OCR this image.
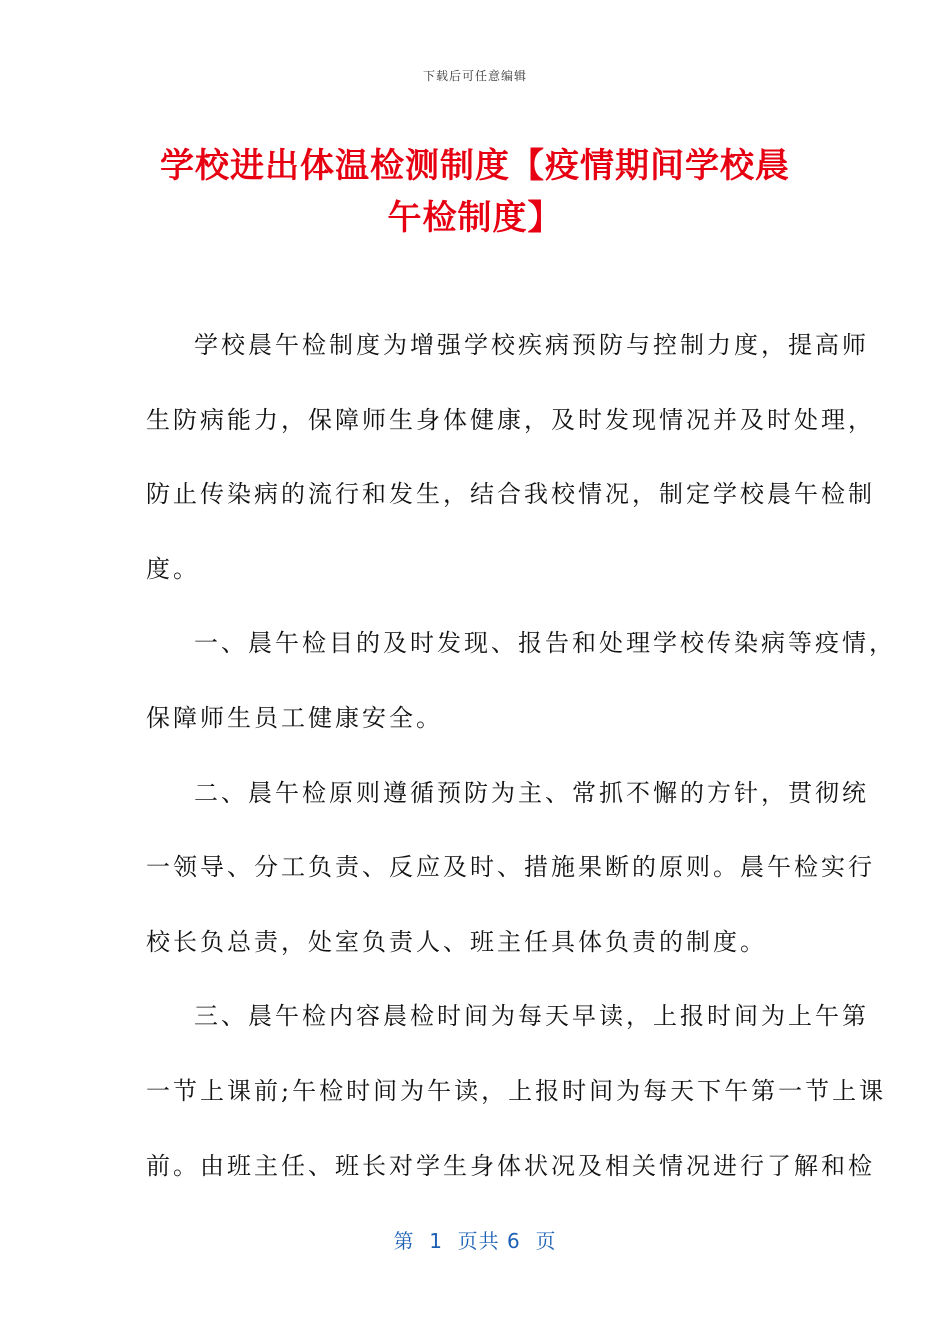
下载后可任意编辑
学校进出体温检测制度【疫情期间学校晨午检制度】
学校晨午检制度为增强学校疾病预防与控制力度，提高师
生防病能力，保障师生身体健康，及时发现情况并及时处理，
防止传染病的流行和发生，结合我校情况，制定学校晨午检制
度。
一、晨午检目的及时发现、报告和处理学校传染病等疫情，
保障师生员工健康安全。
二、晨午检原则遵循预防为主、常抓不懈的方针，贯彻统
一领导、分工负责、反应及时、措施果断的原则。晨午检实行
校长负总责，处室负责人、班主任具体负责的制度。
三、晨午检内容晨检时间为每天早读，上报时间为上午第
一节上课前;午检时间为午读，上报时间为每天下午第一节上课
前。由班主任、班长对学生身体状况及相关情况进行了解和检
第  1  页共 6  页
